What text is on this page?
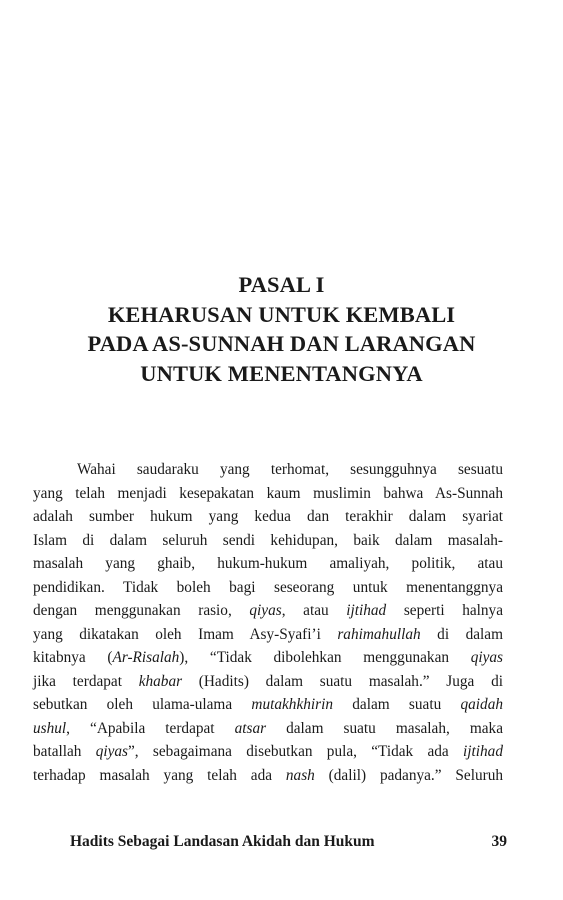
PASAL I
KEHARUSAN UNTUK KEMBALI
PADA AS-SUNNAH DAN LARANGAN
UNTUK MENENTANGNYA
Wahai saudaraku yang terhomat, sesungguhnya sesuatu
yang telah menjadi kesepakatan kaum muslimin bahwa As-Sunnah
adalah sumber hukum yang kedua dan terakhir dalam syariat
Islam di dalam seluruh sendi kehidupan, baik dalam masalah-
masalah yang ghaib, hukum-hukum amaliyah, politik, atau
pendidikan. Tidak boleh bagi seseorang untuk menentanggnya
dengan menggunakan rasio, qiyas, atau ijtihad seperti halnya
yang dikatakan oleh Imam Asy-Syafi’i rahimahullah di dalam
kitabnya (Ar-Risalah), “Tidak dibolehkan menggunakan qiyas
jika terdapat khabar (Hadits) dalam suatu masalah.” Juga di
sebutkan oleh ulama-ulama mutakhkhirin dalam suatu qaidah
ushul, “Apabila terdapat atsar dalam suatu masalah, maka
batallah qiyas”, sebagaimana disebutkan pula, “Tidak ada ijtihad
terhadap masalah yang telah ada nash (dalil) padanya.” Seluruh
Hadits Sebagai Landasan Akidah dan Hukum	39
